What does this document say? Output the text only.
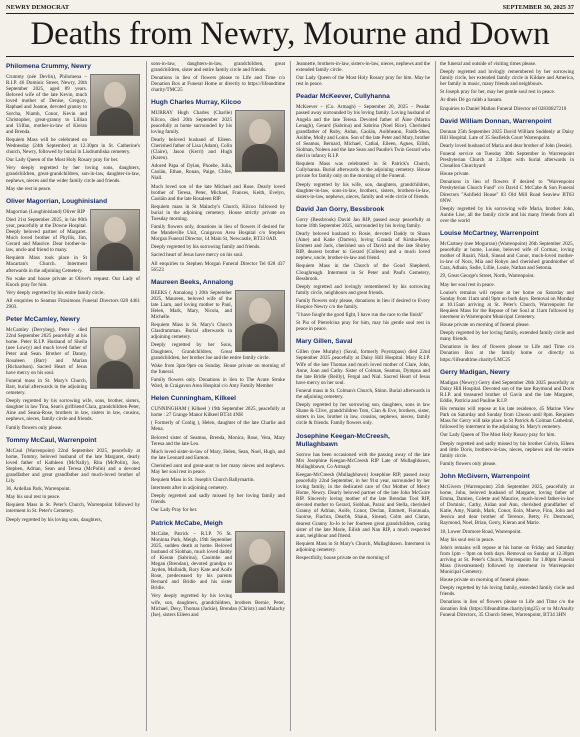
NEWRY DEMOCRAT	SEPTEMBER 30, 2025 37
Deaths from Newry, Mourne and Down
Philomena Crummy, Newry

Crummy (née Devlin), Philomena – R.I.P. 46 Dominic Street, Newry, 20th September 2025, aged 89 years. Beloved wife of the late Kevin, much loved mother of Denise, Gregory, Raphael and Joanne, devoted granny to Sorcha, Niamh, Conor, Kevin and Christopher, great-granny to Lillian and Uilfan, mother-in-law of Kieran and Brenda.

Requiem Mass will be celebrated on Wednesday (24th September) at 12.30pm in St. Catherine's church, Newry, followed by burial in Lisdrumliska cemetery.

Our Lady Queen of the Most Holy Rosary pray for her.

Very deeply regretted by her loving sons, daughters, grandchildren, great-grandchildren, son-in-law, daughter-in-law, nephews, nieces and the wider family circle and friends.

May she rest in peace.

Oliver Magorrian, Loughinisland

Magorrian (Loughinisland) Oliver RIP

Died 21st September 2025, in his 80th year, peacefully at the Downe Hospital. Deeply beloved partner of Margaret. Much loved brother of Phyllis, Jim, Gerard and Maurice. Dear brother-in-law, uncle and friend to many.

Requiem Mass took place in St Macartan's Church. Interment afterwards in the adjoining Cemetery.

No wake and house private at Oliver's request. Our Lady of Knock pray for him.

Very deeply regretted by his entire family circle.

All enquiries to Seamus Fitzsimons Funeral Directors 028 4461 2903.

Peter McCamley, Newry

McCamley (Derrybeg), Peter – died 22nd September 2025 peacefully at his home. Peter R.I.P. Husband of Sheila (nee Lowry) and much loved father of Peter and Sean. Brother of Danny, Rosaleen (Barr) and Marian (Richardson). Sacred Heart of Jesus have mercy on his soul.

Funeral mass in St. Mary's Church, Barr, burial afterwards in the adjoining cemetery.

Deeply regretted by his sorrowing wife, sons, brother, sisters, daughter in law Tina, Sean's girlfriend Clara, grandchildren Peter, Aine and Seana-Rose, brothers in law, sisters in law, cousins, nephews, nieces, family circle and friends.

Family flowers only please.

Tommy McCaul, Warrenpoint

McCaul (Warrenpoint) 22nd September 2025, peacefully at home, Tommy, beloved husband of the late Margaret, dearly loved father of Kathleen (McNally), Rita (McPolin), Joe, Stephen, Adrian, Sean and Teresa (McPolin) and a devoted grandfather and great grandfather and much-loved brother of Lily.

36, Ardellan Park, Warrenpoint.

May his soul rest in peace.

Requiem Mass in St. Peter's Church, Warrenpoint followed by interment in St. Peter's Cemetery.

Deeply regretted by his loving sons, daughters,

sons-in-law, daughters-in-law, grandchildren, great grandchildren, sister and entire family circle and friends.

Donations in lieu of flowers please to Life and Time c/o Donation Box at Funeral Home or directly to https://lifeandtime charity/TMC25

Hugh Charles Murray, Kilcoo

MURRAY Hugh Charles (Charlie) Kilcoo, died 20th September 2025 peacefully at home surrounded by his loving family.

Dearly beloved husband of Eileen. Cherished father of Lisa (Adam), Colin (Claire), Jason (Kerri) and Hugh (Karen).

Adored Papa of Dylan, Phoebe, Julia, Caolán, Ethan, Ronan, Paige, Chloe, Niall.

Much loved son of the late Michael and Rose. Dearly loved brother of Teresa, Peter, Michael, Frances, Keith, Evelyn, Caoláin and the late Rosaleen RIP.

Requiem mass in St Malachy's Church, Kilcoo followed by burial in the adjoining cemetery. House strictly private on Tuesday morning.

Family flowers only, donations in lieu of flowers if desired for the Mandeville Unit, Craigavon Area Hospital c/o Stephen Morgan Funeral Director, 14 Main St, Newcastle, BT33 0AD.

Deeply regretted by his sorrowing family and friends.

Sacred heart of Jesus have mercy on his soul.

All enquiries to Stephen Morgan Funeral Director Tel 028 437 56523

Maureen Beeks, Annalong

BEEKS ( Annalong ) 20th September 2025, Maureen, beloved wife of the late Liam, and loving mother to Paul, Helen, Mark, Mary, Nicola, and Michelle.

Requiem Mass is St. Mary's Church Glasdrumman. Burial afterwards in adjoining cemetery.

Deeply regretted by her Sons, Daughters, Grandchildren, Great grandchildren, her brother Joe and the entire family circle.

Wake from 3pm-9pm on Sunday. House private on morning of the funeral.

Family flowers only. Donations in lieu to The Acute Stroke Ward, in Craigavon Area Hospital c/o Amy Family Member

Helen Cunningham, Kilkeel

CUNNINGHAM ( Kilkeel ) 19th September 2025, peacefully at home : 27 Grange Manor Kilkeel BT34 4NH

( Formerly of Conlig ), Helen, daughter of the late Charlie and Mena.

Beloved sister of Seamus, Brenda, Monica, Rose, Vera, Mary Teresa and the late Leo.

Much loved sister-in-law of Mary, Helen, Sean, Noel, Hugh, and the late Leonard and Eamon.

Cherished aunt and great-aunt to her many nieces and nephews. May her soul rest in peace.

Requiem Mass in St. Joseph's Church Ballymartin.

Interment after in adjoining cemetery.

Deeply regretted and sadly missed by her loving family and friends.

Our Lady Pray for her.

Patrick McCabe, Meigh

McCabe, Patrick – R.I.P. 76 St. Moninna Park, Meigh, 19th September 2025, sudden death at home. Beloved husband of Siobhan, much loved daddy of Kieran (Sabrina), Caoimhe and Megan (Brendan), devoted grandpa to Jayden, Mallaidh, Rory Kate and Aoife Rose, predeceased by his parents Bernard and Bridie and his sister Bridie.

Very deeply regretted by his loving wife, son, daughters, grandchildren, brothers Bernie, Peter, Michael, Desy, Thomas (Jackie), Brendan (Christy) and Malachy (Ise), sisters Eileen and

Jeannette, brothers-in-law, sisters-in-law, nieces, nephews and the extended family circle.

Our Lady Queen of the Most Holy Rosary pray for him. May he rest in peace.

Peadar McKeever, Cullyhanna

McKeever – (Co. Armagh) – September 20, 2025 – Peadar passed away surrounded by his loving family. Loving husband of Angela and the late Teresa. Devoted father of Áine (Martin Lenagh), Gerard (Sabrina) and Sabrina (Noel Rice). Cherished grandfather of Ruby, Aidan, Caolán, Aoibheann, Faidh-Shea, Aoibhe, Molly and Loinn. Son of the late Peter and Mary, brother of Seamus, Bernard, Michael, Cathal, Eileen, Agnes, Eilish, Siobhan, Noleen and the late Sean and Paudie's Twin Gerard who died in infancy R.I.P.

Requiem Mass was celebrated in St Patrick's Church, Cullyhanna. Burial afterwards in the adjoining cemetery. House private for family only on the morning of the Funeral.

Deeply regretted by his wife, son, daughters, grandchildren, daughter-in-law, sons-in-law, brothers, sisters, brothers-in-law, sisters-in-law, nephews, nieces, family and wide circle of friends.

David Jan Gorry, Bessbrook

Gorry (Bessbrook) David Jan RIP, passed away peacefully at home 18th September 2025, surrounded by his loving family.

Dearly beloved husband to Rosie, devoted Daddy to Shaun (Aine) and Katie (Darren), loving Granda of Kirsha-Rose, Emmett and Jack, cherished son of David and the late Shirley RIP, dearest brother to Gerard (Colleen) and a much loved nephew, uncle, brother-in-law and friend.

Requiem Mass in the Church of the Good Shepherd, Cloughreagh. Interment in Sr Peter and Paul's Cemetery, Bessbrook.

Deeply regretted and lovingly remembered by his sorrowing family circle, neighbours and great friends.

Family flowers only please, donations in lieu if desired to Every Hospice Newry c/o the family.

"I have fought the good fight, I have run the race to the finish"

St Pio of Pietrelcina pray for him, may his gentle soul rest in peace in peace.

Mary Gillen, Saval

Gillen (nee Murphy) (Saval, formerly Poyntzpass) died 22nd September 2025 peacefully at Daisy Hill Hospital. Mary R.I.P. Wife of the late Thomas and much loved mother of Clare, John, Anne, Joan and Cathy. Sister of Colman, Seamus, Dympna and the late Bridie (Reilly), Fergal and Nial. Sacred Heart of Jesus have mercy on her soul.

Funeral mass in St. Colman's Church, Shinn. Burial afterwards in the adjoining cemetery.

Deeply regretted by her sorrowing son, daughters, sons in law Shane & Clive, grandchildren Tom, Cian & Eve, brothers, sister, sisters in law, brother in law, cousins, nephews, nieces, family circle & friends. Family flowers only.

Josephine Keegan-McCreesh, Mullaghbawn

Sorrow has been occasioned with the passing away of the late Mrs Josephine Keegan-McCreesh RIP Late of Mullaghbawn, Mullaghbawn, Co Armagh

Keegan-McCreesh (Mullaghbawn) Josephine RIP, passed away peacefully 22nd September, in her 91st year, surrounded by her loving family, in the dedicated care of Our Mother of Mercy Home, Newry. Dearly beloved partner of the late John McGuire RIP. Sincerely loving mother of the late Brendan Tool RIP, devoted mother to Gerard, Siobhan, Paraic and Stella, cherished Granny of Adrian, Aoife, Conor, Declan, Emmett, Fionnuala, Saoirse, Fiachra, Dearbh, Shaun, Sinead, Colm and Ciaran, dearest Granny Jo-Jo to her fourteen great grandchildren, caring sister of the late Marie, Eilish and Nan RIP, a much respected aunt, neighbour and friend.

Requiem Mass in St Mary's Church, Mullaghbawn. Interment in adjoining cemetery.

Respectfully, house private on the morning of

the funeral and outside of visiting times please.

Deeply regretted and lovingly remembered by her sorrowing family circle, her extended family circle in Kildare and America, her family in music, many friends and neighbours.

St Joseph pray for her, may her gentle soul rest in peace.

Ar dheis Dé go raibh a hanam.

Enquiries to Daniel Mallon Funeral Director tel 02830827210

David William Donnan, Warrenpoint

Donnan 25th September 2025 David William Suddenly at Daisy Hill Hospital. Late of 35 Seafields Court Warrenpoint.

Dearly loved husband of Maria and dear brother of John (Jessie).

Funeral service on Tuesday 30th September in Warrenpoint Presbyterian Church at 2.30pm with burial afterwards in Clonallon Churchyard

House private.

Donations in lieu of flowers if desired to "Warrenpoint Presbyterian Church Fund" c/o David C McCabe & Son Funeral Directors "Ashfield House" 83 Old Mill Road Seaview BT63 6NW.

Deeply regretted by his sorrowing wife Maria, brother John, Auntie Lise, all the family circle and his many friends from all over the world

Louise McCartney, Warrenpoint

McCartney (nee Mogurran) (Warrenpoint) 26th September 2025, peacefully at home, Louise, beloved wife of Cormac, loving mother of Ruairi, Niall, Sinead and Conor, much-loved mother-in-law of Nora, Mia and Robyn and cherished grandmother of Cara, Adhain, Sadie, Lillie, Louie, Nathan and Setonia.

29, Great George's Street, North, Warrenpoint.

May her soul rest in peace.

Louise's remains will repose at her home on Saturday and Sunday from 11am until 9pm on both days. Removal on Monday at 10.15am arriving at St. Peter's Church, Warrenpoint for Requiem Mass for the Repose of her Soul at 11am followed by interment in Warrenpoint Municipal Cemetery.

House private on morning of funeral please.

Deeply regretted by her loving family, extended family circle and many friends.

Donations in lieu of flowers please to Life and Time c/o Donation Box at the family home or directly to https://lifeandtime.charity/LMC25

Gerry Madigan, Newry

Madigan (Newry) Gerry died September 26th 2025 peacefully at Daisy Hill Hospital. Devoted son of the late Raymond and Doris R.I.P. and treasured brother of Gavin and the late Margaret, Eddie, Patricia and Pauline R.I.P.

His remains will repose at his late residence, 45 Marine View Park on Saturday and Sunday from 12noon until 8pm. Requiem Mass for Gerry will take place in St Patrick & Colman Cathedral, followed by interment in the adjoining St. Mary's cemetery.

Our Lady Queen of The Most Holy Rosary pray for him.

Deeply regretted and sadly missed by his brother Colvin, Eileen and little Doris, brothers-in-law, nieces, nephews and the entire family circle.

Family flowers only please.

John McGivern, Warrenpoint

McGivern (Warrenpoint) 25th September 2025, peacefully at home, John, beloved husband of Margaret, loving father of Emma, Damien, Colette and Maurice, much-loved father-in-law of Dominic, Cathy, Aidan and Ann, cherished grandfather of Katie, Amy, Niamh, Mark, Conor, Eoin, Maeve, Finn, John and Jessica and dear brother of Terence, Betty, Fr. Desmond, Raymond, Noel, Brian, Gerry, Kieran and Marie.

18, Lower Dromore Road, Warrenpoint.

May his soul rest in peace.

John's remains will repose at his home on Friday and Saturday from 1pm – 9pm on both days. Removal on Sunday at 12.30pm arriving at St. Peter's Church, Warrenpoint for 1.00pm Funeral Mass (livestreamed) followed by interment in Warrenpoint Municipal Cemetery.

House private on morning of funeral please.

Deeply regretted by his loving family, extended family circle and friends.

Donations in lieu of flowers please to Life and Time c/o the donation link (https://lifeandtime.charity/jmg25) or to McAnulty Funeral Directors, 35 Church Street, Warrenpoint, BT34 3HN
